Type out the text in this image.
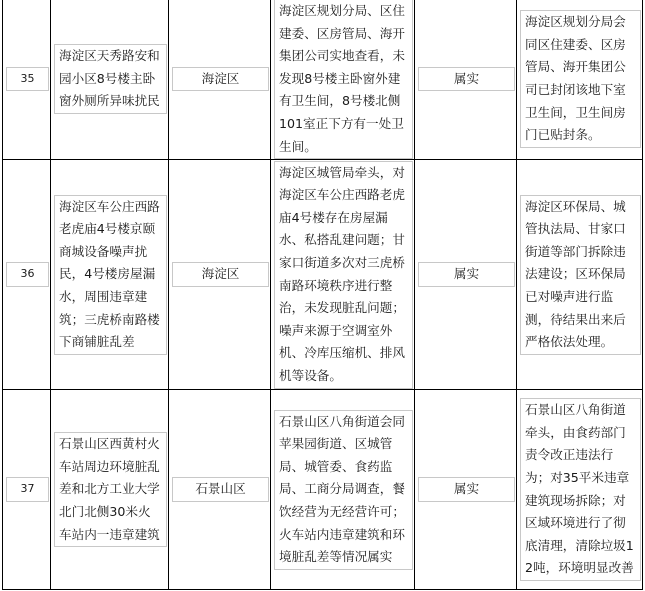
35	海淀区天秀路安和园小区8号楼主卧窗外厕所异味扰民	海淀区	海淀区规划分局、区住建委、区房管局、海开集团公司实地查看，未发现8号楼主卧窗外建有卫生间，8号楼北侧101室正下方有一处卫生间。	属实	海淀区规划分局会同区住建委、区房管局、海开集团公司已封闭该地下室卫生间，卫生间房门已贴封条。

36	海淀区车公庄西路老虎庙4号楼京颐商城设备噪声扰民，4号楼房屋漏水，周围违章建筑；三虎桥南路楼下商铺脏乱差	海淀区	海淀区城管局牵头，对海淀区车公庄西路老虎庙4号楼存在房屋漏水、私搭乱建问题；甘家口街道多次对三虎桥南路环境秩序进行整治，未发现脏乱问题；噪声来源于空调室外机、冷库压缩机、排风机等设备。	属实	海淀区环保局、城管执法局、甘家口街道等部门拆除违法建设；区环保局已对噪声进行监测，待结果出来后严格依法处理。

37	石景山区西黄村火车站周边环境脏乱差和北方工业大学北门北侧30米火车站内一违章建筑	石景山区	石景山区八角街道会同苹果园街道、区城管局、城管委、食药监局、工商分局调查，餐饮经营为无经营许可；火车站内违章建筑和环境脏乱差等情况属实	属实	石景山区八角街道牵头，由食药部门责令改正违法行为；对35平米违章建筑现场拆除；对区域环境进行了彻底清理，清除垃圾12吨，环境明显改善
